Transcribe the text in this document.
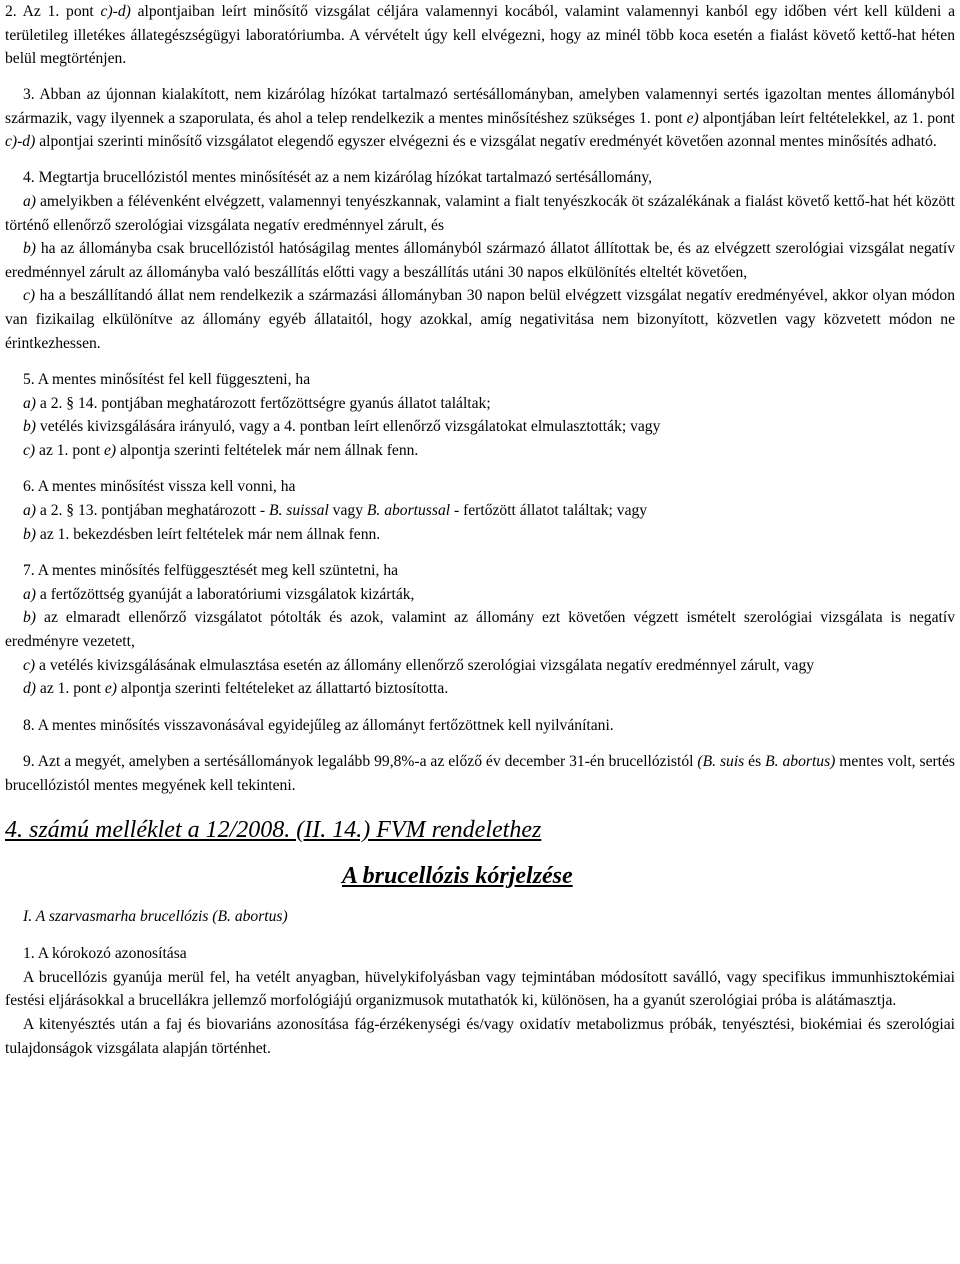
2. Az 1. pont c)-d) alpontjaiban leírt minősítő vizsgálat céljára valamennyi kocából, valamint valamennyi kanból egy időben vért kell küldeni a területileg illetékes állategészségügyi laboratóriumba. A vérvételt úgy kell elvégezni, hogy az minél több koca esetén a fialást követő kettő-hat héten belül megtörténjen.

3. Abban az újonnan kialakított, nem kizárólag hízókat tartalmazó sertésállományban, amelyben valamennyi sertés igazoltan mentes állományból származik, vagy ilyennek a szaporulata, és ahol a telep rendelkezik a mentes minősítéshez szükséges 1. pont e) alpontjában leírt feltételekkel, az 1. pont c)-d) alpontjai szerinti minősítő vizsgálatot elegendő egyszer elvégezni és e vizsgálat negatív eredményét követően azonnal mentes minősítés adható.

4. Megtartja brucellózistól mentes minősítését az a nem kizárólag hízókat tartalmazó sertésállomány,

a) amelyikben a félévenként elvégzett, valamennyi tenyészkannak, valamint a fialt tenyészkocák öt százalékának a fialást követő kettő-hat hét között történő ellenőrző szerológiai vizsgálata negatív eredménnyel zárult, és

b) ha az állományba csak brucellózistól hatóságilag mentes állományból származó állatot állítottak be, és az elvégzett szerológiai vizsgálat negatív eredménnyel zárult az állományba való beszállítás előtti vagy a beszállítás utáni 30 napos elkülönítés elteltét követően,

c) ha a beszállítandó állat nem rendelkezik a származási állományban 30 napon belül elvégzett vizsgálat negatív eredményével, akkor olyan módon van fizikailag elkülönítve az állomány egyéb állataitól, hogy azokkal, amíg negativitása nem bizonyított, közvetlen vagy közvetett módon ne érintkezhessen.

5. A mentes minősítést fel kell függeszteni, ha

a) a 2. § 14. pontjában meghatározott fertőzöttségre gyanús állatot találtak;

b) vetélés kivizsgálására irányuló, vagy a 4. pontban leírt ellenőrző vizsgálatokat elmulasztották; vagy

c) az 1. pont e) alpontja szerinti feltételek már nem állnak fenn.

6. A mentes minősítést vissza kell vonni, ha

a) a 2. § 13. pontjában meghatározott - B. suissal vagy B. abortussal - fertőzött állatot találtak; vagy

b) az 1. bekezdésben leírt feltételek már nem állnak fenn.

7. A mentes minősítés felfüggesztését meg kell szüntetni, ha

a) a fertőzöttség gyanúját a laboratóriumi vizsgálatok kizárták,

b) az elmaradt ellenőrző vizsgálatot pótolták és azok, valamint az állomány ezt követően végzett ismételt szerológiai vizsgálata is negatív eredményre vezetett,

c) a vetélés kivizsgálásának elmulasztása esetén az állomány ellenőrző szerológiai vizsgálata negatív eredménnyel zárult, vagy

d) az 1. pont e) alpontja szerinti feltételeket az állattartó biztosította.

8. A mentes minősítés visszavonásával egyidejűleg az állományt fertőzöttnek kell nyilvánítani.

9. Azt a megyét, amelyben a sertésállományok legalább 99,8%-a az előző év december 31-én brucellózistól (B. suis és B. abortus) mentes volt, sertés brucellózistól mentes megyének kell tekinteni.

4. számú melléklet a 12/2008. (II. 14.) FVM rendelethez

A brucellózis kórjelzése

I. A szarvasmarha brucellózis (B. abortus)

1. A kórokozó azonosítása

A brucellózis gyanúja merül fel, ha vetélt anyagban, hüvelykifolyásban vagy tejmintában módosított saválló, vagy specifikus immunhisztokémiai festési eljárásokkal a brucellákra jellemző morfológiájú organizmusok mutathatók ki, különösen, ha a gyanút szerológiai próba is alátámasztja.

A kitenyésztés után a faj és biovariáns azonosítása fág-érzékenységi és/vagy oxidatív metabolizmus próbák, tenyésztési, biokémiai és szerológiai tulajdonságok vizsgálata alapján történhet.
